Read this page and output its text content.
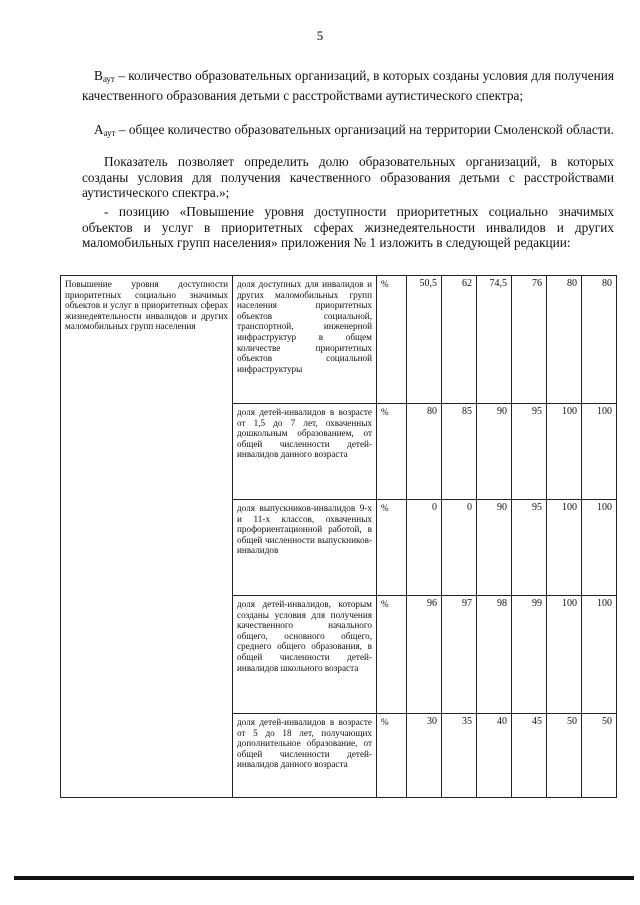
5

$В_{аут}$ – количество образовательных организаций, в которых созданы условия для получения качественного образования детьми с расстройствами аутистического спектра;

$А_{аут}$ – общее количество образовательных организаций на территории Смоленской области.

Показатель позволяет определить долю образовательных организаций, в которых созданы условия для получения качественного образования детьми с расстройствами аутистического спектра.»;

- позицию «Повышение уровня доступности приоритетных социально значимых объектов и услуг в приоритетных сферах жизнедеятельности инвалидов и других маломобильных групп населения» приложения № 1 изложить в следующей редакции:

Повышение уровня доступности приоритетных социально значимых объектов и услуг в приоритетных сферах жизнедеятельности инвалидов и других маломобильных групп населения	доля доступных для инвалидов и других маломобильных групп населения приоритетных объектов социальной, транспортной, инженерной инфраструктур в общем количестве приоритетных объектов социальной инфраструктуры	%	50,5	62	74,5	76	80	80
	доля детей-инвалидов в возрасте от 1,5 до 7 лет, охваченных дошкольным образованием, от общей численности детей-инвалидов данного возраста	%	80	85	90	95	100	100
	доля выпускников-инвалидов 9-х и 11-х классов, охваченных профориентационной работой, в общей численности выпускников-инвалидов	%	0	0	90	95	100	100
	доля детей-инвалидов, которым созданы условия для получения качественного начального общего, основного общего, среднего общего образования, в общей численности детей-инвалидов школьного возраста	%	96	97	98	99	100	100
	доля детей-инвалидов в возрасте от 5 до 18 лет, получающих дополнительное образование, от общей численности детей-инвалидов данного возраста	%	30	35	40	45	50	50
